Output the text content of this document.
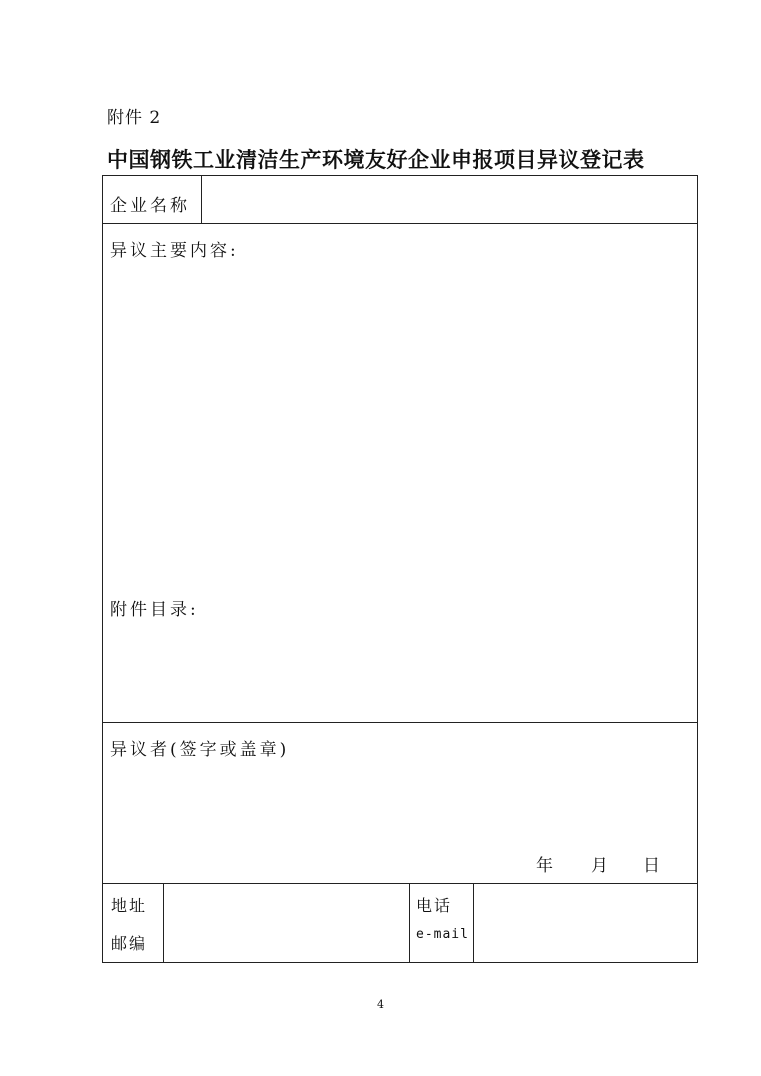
附件 2
中国钢铁工业清洁生产环境友好企业申报项目异议登记表
企业名称
异议主要内容:
附件目录:
异议者(签字或盖章)
年 月 日
地址
邮编
电话
e-mail
4
